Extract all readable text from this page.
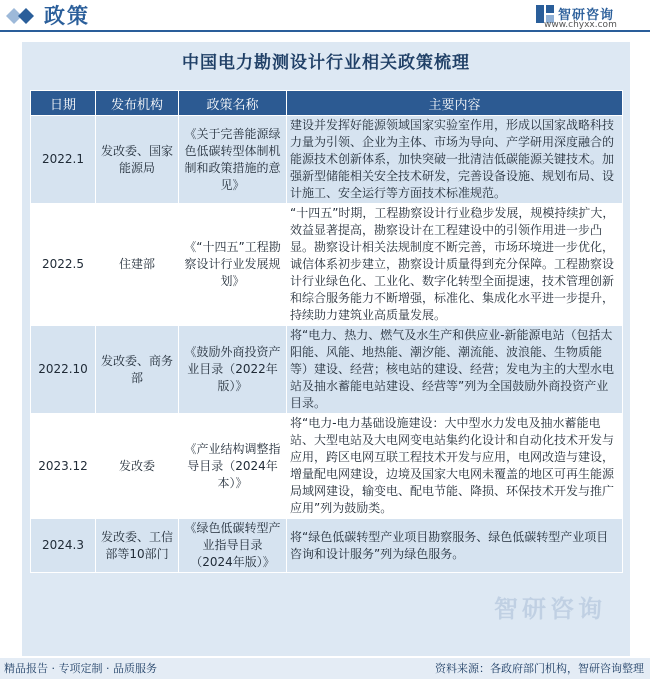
政策	智研咨询
www.chyxx.com
中国电力勘测设计行业相关政策梳理
日期	发布机构	政策名称	主要内容
2022.1	发改委、国家能源局	《关于完善能源绿色低碳转型体制机制和政策措施的意见》	建设并发挥好能源领域国家实验室作用，形成以国家战略科技力量为引领、企业为主体、市场为导向、产学研用深度融合的能源技术创新体系，加快突破一批清洁低碳能源关键技术。加强新型储能相关安全技术研发，完善设备设施、规划布局、设计施工、安全运行等方面技术标准规范。
2022.5	住建部	《“十四五”工程勘察设计行业发展规划》	“十四五”时期，工程勘察设计行业稳步发展，规模持续扩大，效益显著提高，勘察设计在工程建设中的引领作用进一步凸显。勘察设计相关法规制度不断完善，市场环境进一步优化，诚信体系初步建立，勘察设计质量得到充分保障。工程勘察设计行业绿色化、工业化、数字化转型全面提速，技术管理创新和综合服务能力不断增强，标准化、集成化水平进一步提升，持续助力建筑业高质量发展。
2022.10	发改委、商务部	《鼓励外商投资产业目录（2022年版）》	将“电力、热力、燃气及水生产和供应业-新能源电站（包括太阳能、风能、地热能、潮汐能、潮流能、波浪能、生物质能等）建设、经营；核电站的建设、经营；发电为主的大型水电站及抽水蓄能电站建设、经营等”列为全国鼓励外商投资产业目录。
2023.12	发改委	《产业结构调整指导目录（2024年本）》	将“电力-电力基础设施建设：大中型水力发电及抽水蓄能电站、大型电站及大电网变电站集约化设计和自动化技术开发与应用，跨区电网互联工程技术开发与应用，电网改造与建设，增量配电网建设，边境及国家大电网未覆盖的地区可再生能源局域网建设，输变电、配电节能、降损、环保技术开发与推广应用”列为鼓励类。
2024.3	发改委、工信部等10部门	《绿色低碳转型产业指导目录（2024年版）》	将“绿色低碳转型产业项目勘察服务、绿色低碳转型产业项目咨询和设计服务”列为绿色服务。
智研咨询
精品报告 · 专项定制 · 品质服务	资料来源：各政府部门机构，智研咨询整理
